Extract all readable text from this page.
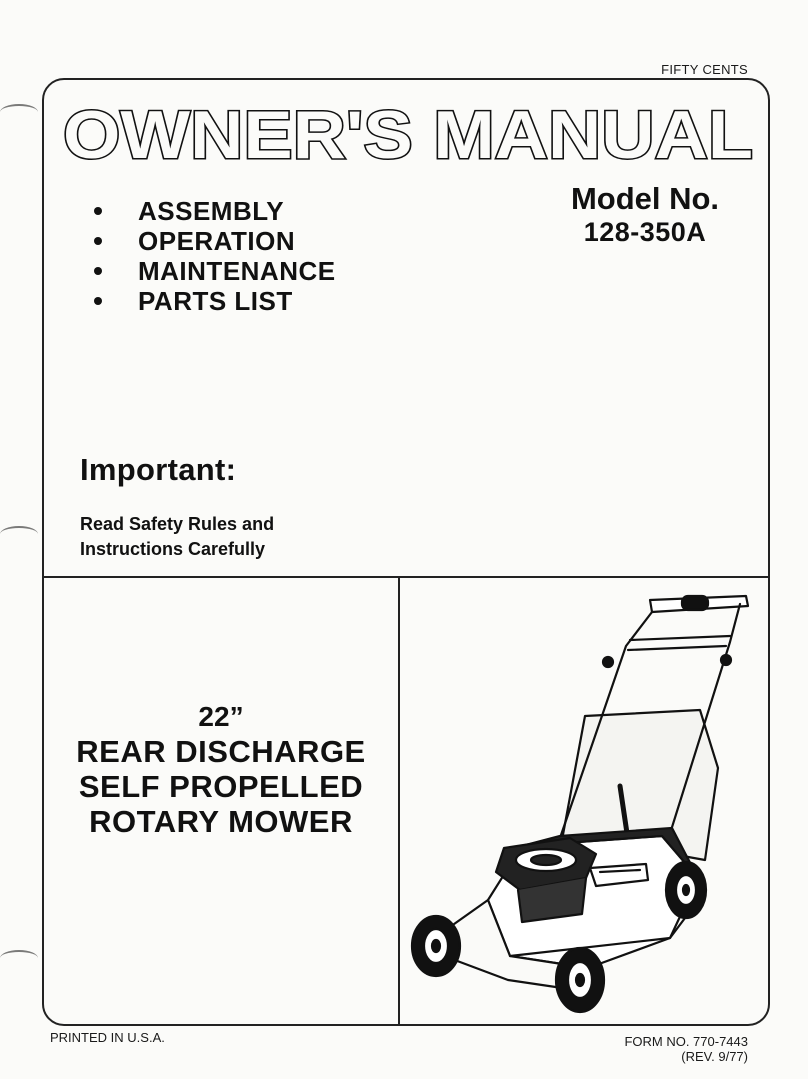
FIFTY CENTS
OWNER'S MANUAL
ASSEMBLY
OPERATION
MAINTENANCE
PARTS LIST
Model No.
128-350A
Important:
Read Safety Rules and
Instructions Carefully
22”
REAR DISCHARGE
SELF PROPELLED
ROTARY MOWER
PRINTED IN U.S.A.	FORM NO. 770-7443
(REV. 9/77)
